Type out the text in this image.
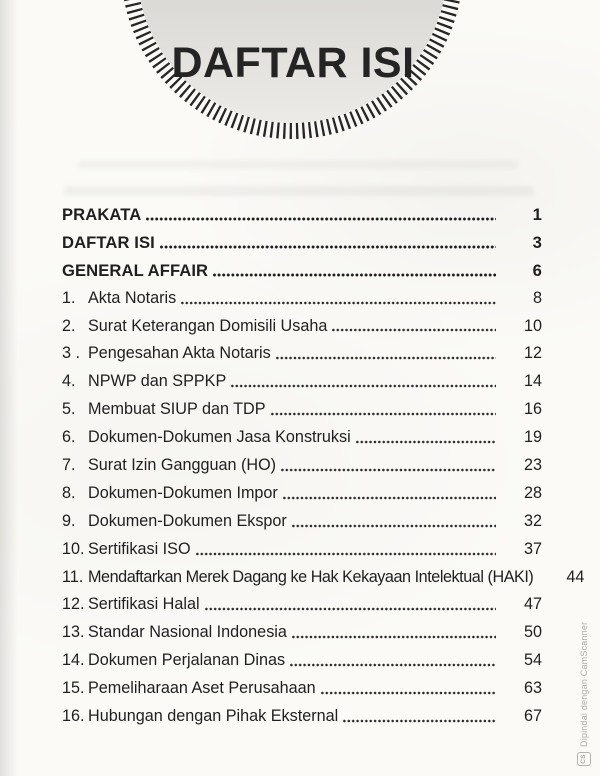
DAFTAR ISI
PRAKATA	1
DAFTAR ISI	3
GENERAL AFFAIR	6
1. Akta Notaris	8
2. Surat Keterangan Domisili Usaha	10
3 . Pengesahan Akta Notaris	12
4. NPWP dan SPPKP	14
5. Membuat SIUP dan TDP	16
6. Dokumen-Dokumen Jasa Konstruksi	19
7. Surat Izin Gangguan (HO)	23
8. Dokumen-Dokumen Impor	28
9. Dokumen-Dokumen Ekspor	32
10. Sertifikasi ISO	37
11. Mendaftarkan Merek Dagang ke Hak Kekayaan Intelektual (HAKI)	44
12. Sertifikasi Halal	47
13. Standar Nasional Indonesia	50
14. Dokumen Perjalanan Dinas	54
15. Pemeliharaan Aset Perusahaan	63
16. Hubungan dengan Pihak Eksternal	67
CS
Dipindai dengan CamScanner
